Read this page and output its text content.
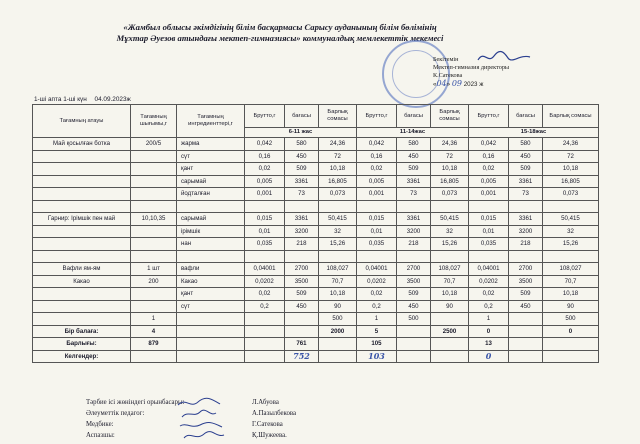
«Жамбыл облысы әкімдігінің білім басқармасы Сарысу ауданының білім бөлімінің
Мұхтар Әуезов атындағы мектеп-гимназиясы» коммуналдық мемлекеттік мекемесі
Бекітемін
Мектеп-гимназия директоры
К.Сатекова
«04» 09 2023 ж
1-ші апта 1-ші күн 04.09.2023ж
Тағамның атауы	Тағамның шығымы,г	Тағамның ингредиенттері,г	Брутто,г	бағасы	Барлық сомасы	Брутто,г	бағасы	Барлық сомасы	Брутто,г	бағасы	Барлық сомасы
			6-11 жас			11-14жас			15-18жас		
Май қосылған ботка	200/5	жарма	0,042	580	24,36	0,042	580	24,36	0,042	580	24,36
		сүт	0,16	450	72	0,16	450	72	0,16	450	72
		қант	0,02	509	10,18	0,02	509	10,18	0,02	509	10,18
		сарымай	0,005	3361	16,805	0,005	3361	16,805	0,005	3361	16,805
		йодталған	0,001	73	0,073	0,001	73	0,073	0,001	73	0,073

Гарнир: Ірімшік пен май	10,10,35	сарымай	0,015	3361	50,415	0,015	3361	50,415	0,015	3361	50,415
		ірімшік	0,01	3200	32	0,01	3200	32	0,01	3200	32
		нан	0,035	218	15,26	0,035	218	15,26	0,035	218	15,26

Вафли ям-ям	1 шт	вафли	0,04001	2700	108,027	0,04001	2700	108,027	0,04001	2700	108,027
Какао	200	Какао	0,0202	3500	70,7	0,0202	3500	70,7	0,0202	3500	70,7
		қант	0,02	509	10,18	0,02	509	10,18	0,02	509	10,18
		сүт	0,2	450	90	0,2	450	90	0,2	450	90
	1				500	1	500		1		500
Бір балаға:	4				2000	5		2500	0		0
Барлығы:	879			761		105			13		
Келгендер:				752		103			0		
Тәрбие ісі жөніндегі орынбасары:	Л.Абуова
Әлеуметтік педагог:	А.Пазылбекова
Медбике:	Г.Сатекова
Аспазшы:	Қ.Шужеева.
